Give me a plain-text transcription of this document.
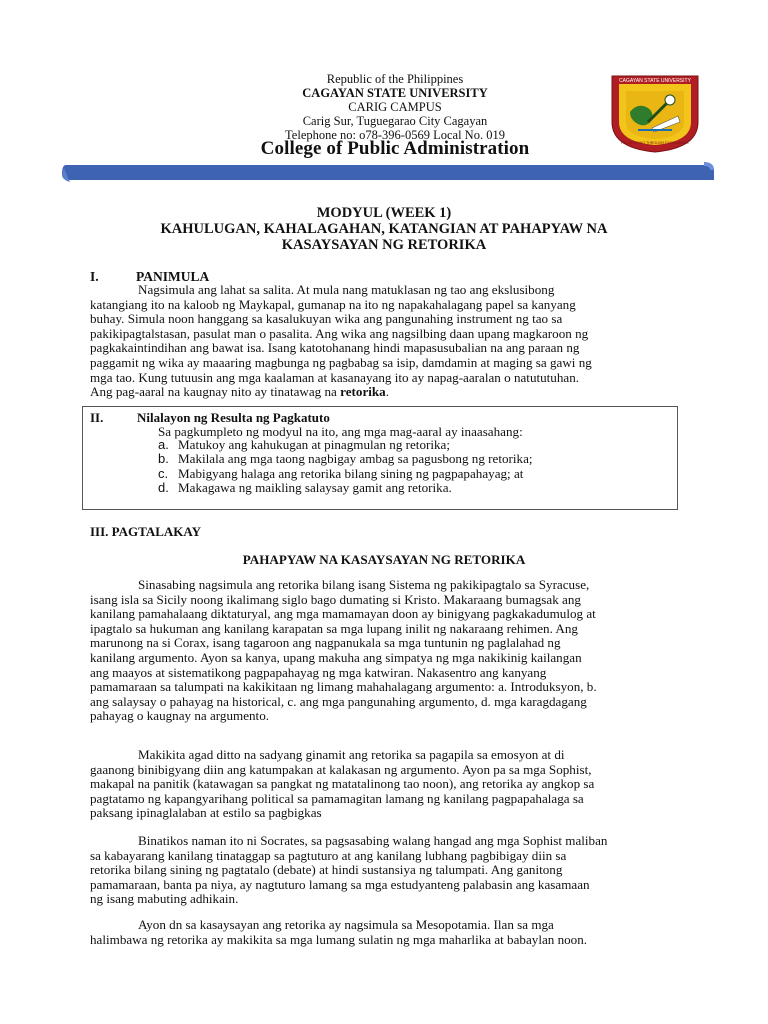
Republic of the Philippines
CAGAYAN STATE UNIVERSITY
CARIG CAMPUS
Carig Sur, Tuguegarao City Cagayan
Telephone no: o78-396-0569 Local No. 019
College of Public Administration
CAGAYAN STATE UNIVERSITY
PROSPERING THROUGH EXCELLENCE
MODYUL (WEEK 1)
KAHULUGAN, KAHALAGAHAN, KATANGIAN AT PAHAPYAW NA
KASAYSAYAN NG RETORIKA
I.	PANIMULA
Nagsimula ang lahat sa salita. At mula nang matuklasan ng tao ang ekslusibong
katangiang ito na kaloob ng Maykapal, gumanap na ito ng napakahalagang papel sa kanyang
buhay. Simula noon hanggang sa kasalukuyan wika ang pangunahing instrument ng tao sa
pakikipagtalstasan, pasulat man o pasalita. Ang wika ang nagsilbing daan upang magkaroon ng
pagkakaintindihan ang bawat isa. Isang katotohanang hindi mapasusubalian na ang paraan ng
paggamit ng wika ay maaaring magbunga ng pagbabag sa isip, damdamin at maging sa gawi ng
mga tao. Kung tutuusin ang mga kaalaman at kasanayang ito ay napag-aaralan o natututuhan.
Ang pag-aaral na kaugnay nito ay tinatawag na retorika.
II.	Nilalayon ng Resulta ng Pagkatuto
Sa pagkumpleto ng modyul na ito, ang mga mag-aaral ay inaasahang:
a. Matukoy ang kahukugan at pinagmulan ng retorika;
b. Makilala ang mga taong nagbigay ambag sa pagusbong ng retorika;
c. Mabigyang halaga ang retorika bilang sining ng pagpapahayag; at
d. Makagawa ng maikling salaysay gamit ang retorika.
III. PAGTALAKAY
PAHAPYAW NA KASAYSAYAN NG RETORIKA
Sinasabing nagsimula ang retorika bilang isang Sistema ng pakikipagtalo sa Syracuse,
isang isla sa Sicily noong ikalimang siglo bago dumating si Kristo. Makaraang bumagsak ang
kanilang pamahalaang diktaturyal, ang mga mamamayan doon ay binigyang pagkakadumulog at
ipagtalo sa hukuman ang kanilang karapatan sa mga lupang inilit ng nakaraang rehimen. Ang
marunong na si Corax, isang tagaroon ang nagpanukala sa mga tuntunin ng paglalahad ng
kanilang argumento. Ayon sa kanya, upang makuha ang simpatya ng mga nakikinig kailangan
ang maayos at sistematikong pagpapahayag ng mga katwiran. Nakasentro ang kanyang
pamamaraan sa talumpati na kakikitaan ng limang mahahalagang argumento: a. Introduksyon, b.
ang salaysay o pahayag na historical, c. ang mga pangunahing argumento, d. mga karagdagang
pahayag o kaugnay na argumento.
Makikita agad ditto na sadyang ginamit ang retorika sa pagapila sa emosyon at di
gaanong binibigyang diin ang katumpakan at kalakasan ng argumento. Ayon pa sa mga Sophist,
makapal na panitik (katawagan sa pangkat ng matatalinong tao noon), ang retorika ay angkop sa
pagtatamo ng kapangyarihang political sa pamamagitan lamang ng kanilang pagpapahalaga sa
paksang ipinaglalaban at estilo sa pagbigkas
Binatikos naman ito ni Socrates, sa pagsasabing walang hangad ang mga Sophist maliban
sa kabayarang kanilang tinataggap sa pagtuturo at ang kanilang lubhang pagbibigay diin sa
retorika bilang sining ng pagtatalo (debate) at hindi sustansiya ng talumpati. Ang ganitong
pamamaraan, banta pa niya, ay nagtuturo lamang sa mga estudyanteng palabasin ang kasamaan
ng isang mabuting adhikain.
Ayon dn sa kasaysayan ang retorika ay nagsimula sa Mesopotamia. Ilan sa mga
halimbawa ng retorika ay makikita sa mga lumang sulatin ng mga maharlika at babaylan noon.
